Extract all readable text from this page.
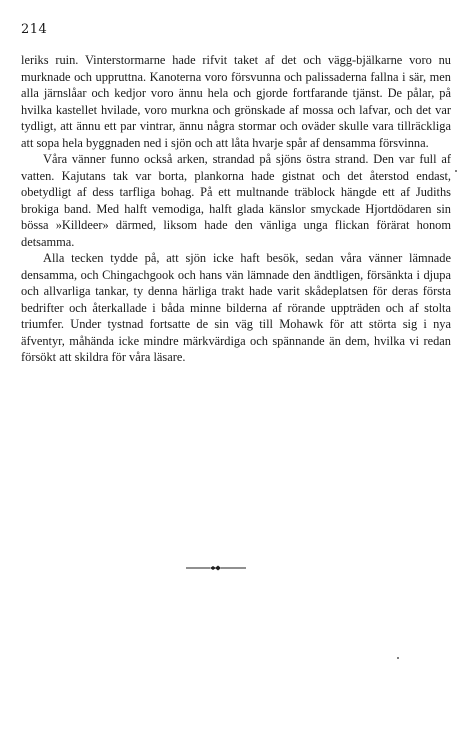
214

leriks ruin. Vinterstormarne hade rifvit taket af det och vägg-bjälkarne voro nu murknade och uppruttna. Kanoterna voro försvunna och palissaderna fallna i sär, men alla järnslåar och kedjor voro ännu hela och gjorde fortfarande tjänst. De pålar, på hvilka kastellet hvilade, voro murkna och grönskade af mossa och lafvar, och det var tydligt, att ännu ett par vintrar, ännu några stormar och oväder skulle vara tillräckliga att sopa hela byggnaden ned i sjön och att låta hvarje spår af densamma försvinna.

Våra vänner funno också arken, strandad på sjöns östra strand. Den var full af vatten. Kajutans tak var borta, plankorna hade gistnat och det återstod endast, obetydligt af dess tarfliga bohag. På ett multnande träblock hängde ett af Judiths brokiga band. Med halft vemodiga, halft glada känslor smyckade Hjortdödaren sin bössa »Killdeer» därmed, liksom hade den vänliga unga flickan förärat honom detsamma.

Alla tecken tydde på, att sjön icke haft besök, sedan våra vänner lämnade densamma, och Chingachgook och hans vän lämnade den ändtligen, försänkta i djupa och allvarliga tankar, ty denna härliga trakt hade varit skådeplatsen för deras första bedrifter och återkallade i båda minne bilderna af rörande uppträden och af stolta triumfer. Under tystnad fortsatte de sin väg till Mohawk för att störta sig i nya äfventyr, måhända icke mindre märkvärdiga och spännande än dem, hvilka vi redan försökt att skildra för våra läsare.
